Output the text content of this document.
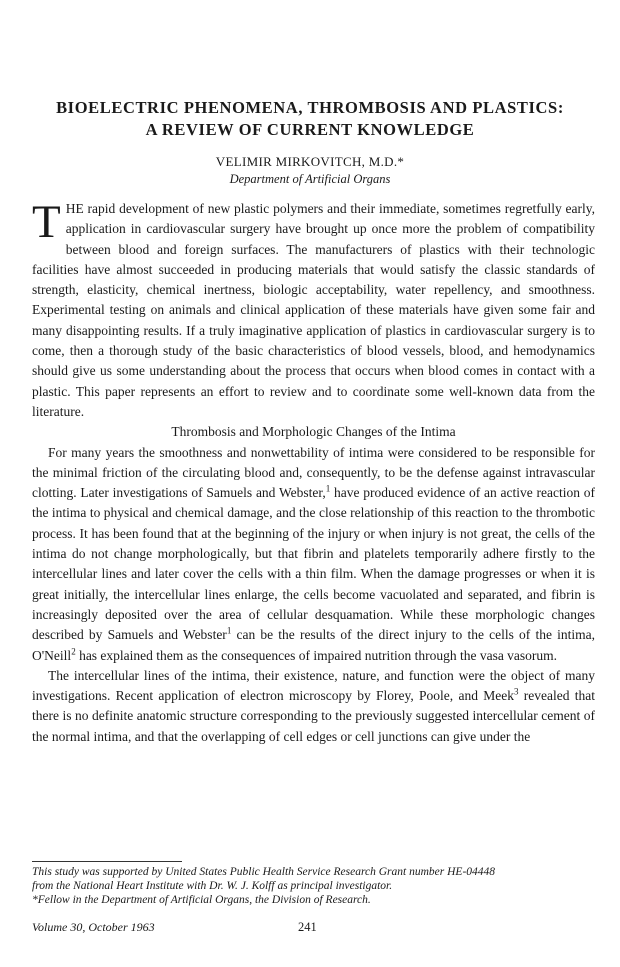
BIOELECTRIC PHENOMENA, THROMBOSIS AND PLASTICS:
A REVIEW OF CURRENT KNOWLEDGE
VELIMIR MIRKOVITCH, M.D.*
Department of Artificial Organs

THE rapid development of new plastic polymers and their immediate, sometimes regretfully early, application in cardiovascular surgery have brought up once more the problem of compatibility between blood and foreign surfaces. The manufacturers of plastics with their technologic facilities have almost succeeded in producing materials that would satisfy the classic standards of strength, elasticity, chemical inertness, biologic acceptability, water repellency, and smoothness. Experimental testing on animals and clinical application of these materials have given some fair and many disappointing results. If a truly imaginative application of plastics in cardiovascular surgery is to come, then a thorough study of the basic characteristics of blood vessels, blood, and hemodynamics should give us some understanding about the process that occurs when blood comes in contact with a plastic. This paper represents an effort to review and to coordinate some well-known data from the literature.

Thrombosis and Morphologic Changes of the Intima

For many years the smoothness and nonwettability of intima were considered to be responsible for the minimal friction of the circulating blood and, consequently, to be the defense against intravascular clotting. Later investigations of Samuels and Webster,$^1$ have produced evidence of an active reaction of the intima to physical and chemical damage, and the close relationship of this reaction to the thrombotic process. It has been found that at the beginning of the injury or when injury is not great, the cells of the intima do not change morphologically, but that fibrin and platelets temporarily adhere firstly to the intercellular lines and later cover the cells with a thin film. When the damage progresses or when it is great initially, the intercellular lines enlarge, the cells become vacuolated and separated, and fibrin is increasingly deposited over the area of cellular desquamation. While these morphologic changes described by Samuels and Webster$^1$ can be the results of the direct injury to the cells of the intima, O'Neill$^2$ has explained them as the consequences of impaired nutrition through the vasa vasorum.

The intercellular lines of the intima, their existence, nature, and function were the object of many investigations. Recent application of electron microscopy by Florey, Poole, and Meek$^3$ revealed that there is no definite anatomic structure corresponding to the previously suggested intercellular cement of the normal intima, and that the overlapping of cell edges or cell junctions can give under the

This study was supported by United States Public Health Service Research Grant number HE-04448
from the National Heart Institute with Dr. W. J. Kolff as principal investigator.
*Fellow in the Department of Artificial Organs, the Division of Research.
Volume 30, October 1963	241
